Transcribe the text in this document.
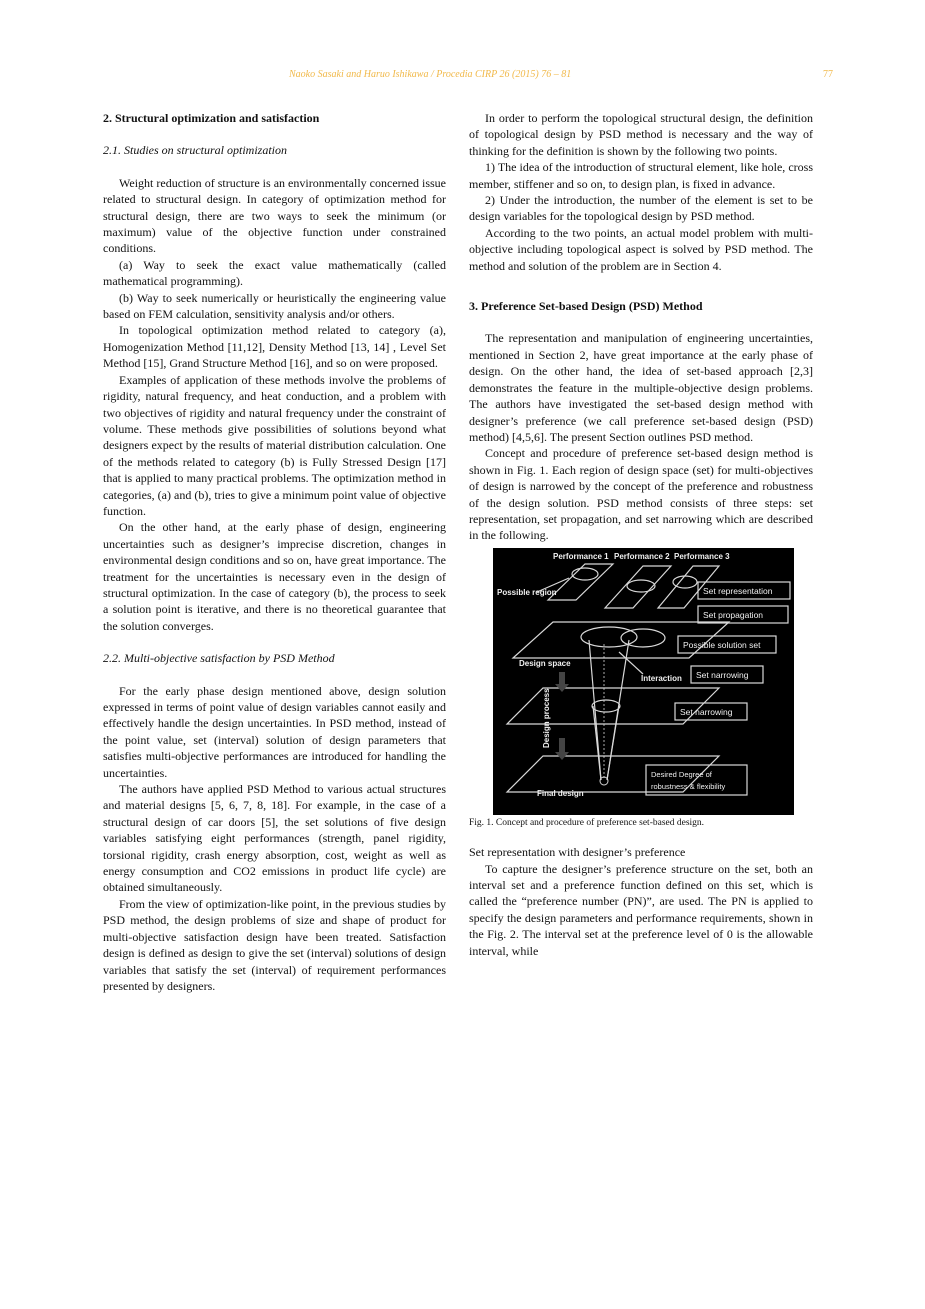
Naoko Sasaki and Haruo Ishikawa / Procedia CIRP 26 (2015) 76 – 81	77

2. Structural optimization and satisfaction

2.1. Studies on structural optimization

Weight reduction of structure is an environmentally concerned issue related to structural design. In category of optimization method for structural design, there are two ways to seek the minimum (or maximum) value of the objective function under constrained conditions.

(a) Way to seek the exact value mathematically (called mathematical programming).

(b) Way to seek numerically or heuristically the engineering value based on FEM calculation, sensitivity analysis and/or others.

In topological optimization method related to category (a), Homogenization Method [11,12], Density Method [13, 14] , Level Set Method [15], Grand Structure Method [16], and so on were proposed.

Examples of application of these methods involve the problems of rigidity, natural frequency, and heat conduction, and a problem with two objectives of rigidity and natural frequency under the constraint of volume. These methods give possibilities of solutions beyond what designers expect by the results of material distribution calculation. One of the methods related to category (b) is Fully Stressed Design [17] that is applied to many practical problems. The optimization method in categories, (a) and (b), tries to give a minimum point value of objective function.

On the other hand, at the early phase of design, engineering uncertainties such as designer’s imprecise discretion, changes in environmental design conditions and so on, have great importance. The treatment for the uncertainties is necessary even in the design of structural optimization. In the case of category (b), the process to seek a solution point is iterative, and there is no theoretical guarantee that the solution converges.

2.2. Multi-objective satisfaction by PSD Method

For the early phase design mentioned above, design solution expressed in terms of point value of design variables cannot easily and effectively handle the design uncertainties. In PSD method, instead of the point value, set (interval) solution of design parameters that satisfies multi-objective performances are introduced for handling the uncertainties.

The authors have applied PSD Method to various actual structures and material designs [5, 6, 7, 8, 18]. For example, in the case of a structural design of car doors [5], the set solutions of five design variables satisfying eight performances (strength, panel rigidity, torsional rigidity, crash energy absorption, cost, weight as well as energy consumption and CO2 emissions in product life cycle) are obtained simultaneously.

From the view of optimization-like point, in the previous studies by PSD method, the design problems of size and shape of product for multi-objective satisfaction design have been treated. Satisfaction design is defined as design to give the set (interval) solutions of design variables that satisfy the set (interval) of requirement performances presented by designers.

In order to perform the topological structural design, the definition of topological design by PSD method is necessary and the way of thinking for the definition is shown by the following two points.

1) The idea of the introduction of structural element, like hole, cross member, stiffener and so on, to design plan, is fixed in advance.

2) Under the introduction, the number of the element is set to be design variables for the topological design by PSD method.

According to the two points, an actual model problem with multi-objective including topological aspect is solved by PSD method. The method and solution of the problem are in Section 4.

3. Preference Set-based Design (PSD) Method

The representation and manipulation of engineering uncertainties, mentioned in Section 2, have great importance at the early phase of design. On the other hand, the idea of set-based approach [2,3] demonstrates the feature in the multiple-objective design problems. The authors have investigated the set-based design method with designer’s preference (we call preference set-based design (PSD) method) [4,5,6]. The present Section outlines PSD method.

Concept and procedure of preference set-based design method is shown in Fig. 1. Each region of design space (set) for multi-objectives of design is narrowed by the concept of the preference and robustness of the design solution. PSD method consists of three steps: set representation, set propagation, and set narrowing which are described in the following.

Performance 1 Performance 2 Performance 3
Possible region
Design space
Interaction
Final design
Design process
Set representation
Set propagation
Possible solution set
Set narrowing
Set narrowing
Desired Degree of
robustness & flexibility

Fig. 1. Concept and procedure of preference set-based design.

Set representation with designer’s preference

To capture the designer’s preference structure on the set, both an interval set and a preference function defined on this set, which is called the “preference number (PN)”, are used. The PN is applied to specify the design parameters and performance requirements, shown in the Fig. 2. The interval set at the preference level of 0 is the allowable interval, while
